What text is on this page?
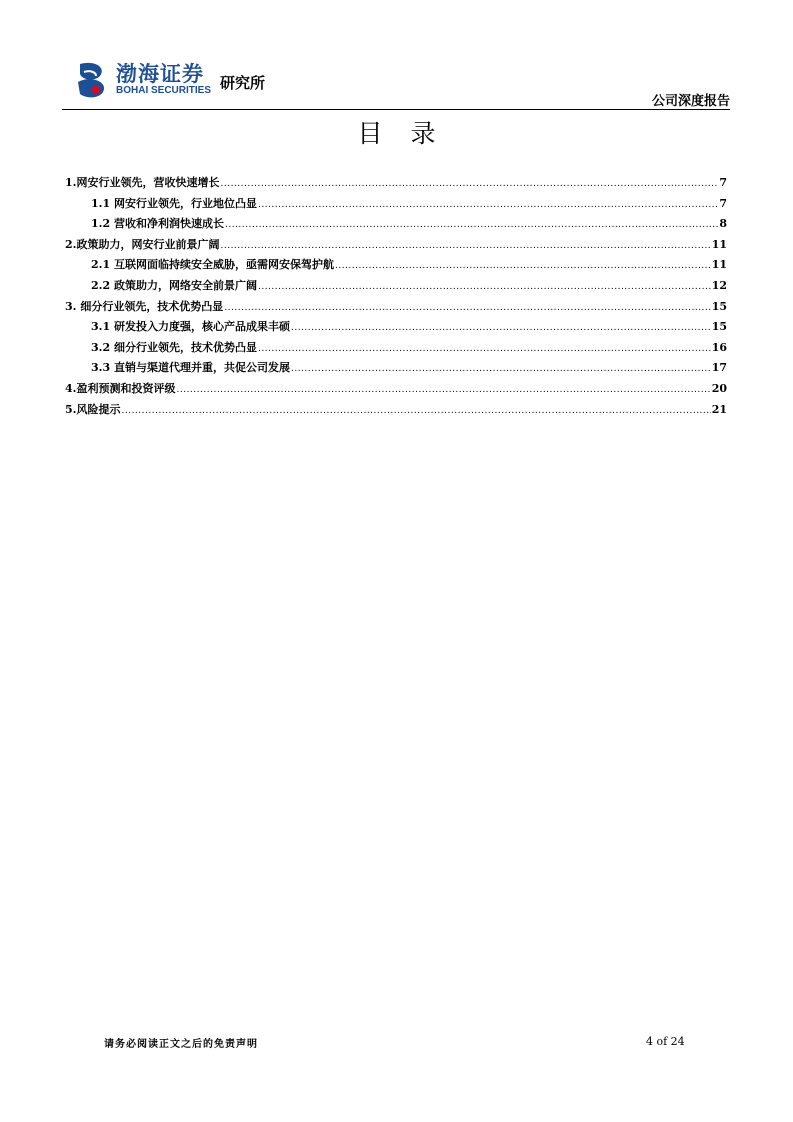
渤海证券
BOHAI SECURITIES 研究所
公司深度报告
目录
1.网安行业领先，营收快速增长 .....	7
1.1 网安行业领先，行业地位凸显 .....	7
1.2 营收和净利润快速成长 .....	8
2.政策助力，网安行业前景广阔 .....	11
2.1 互联网面临持续安全威胁，亟需网安保驾护航 .....	11
2.2 政策助力，网络安全前景广阔 .....	12
3. 细分行业领先，技术优势凸显 .....	15
3.1 研发投入力度强，核心产品成果丰硕 .....	15
3.2 细分行业领先，技术优势凸显 .....	16
3.3 直销与渠道代理并重，共促公司发展 .....	17
4.盈利预测和投资评级 .....	20
5.风险提示 .....	21
请务必阅读正文之后的免责声明	4 of 24
